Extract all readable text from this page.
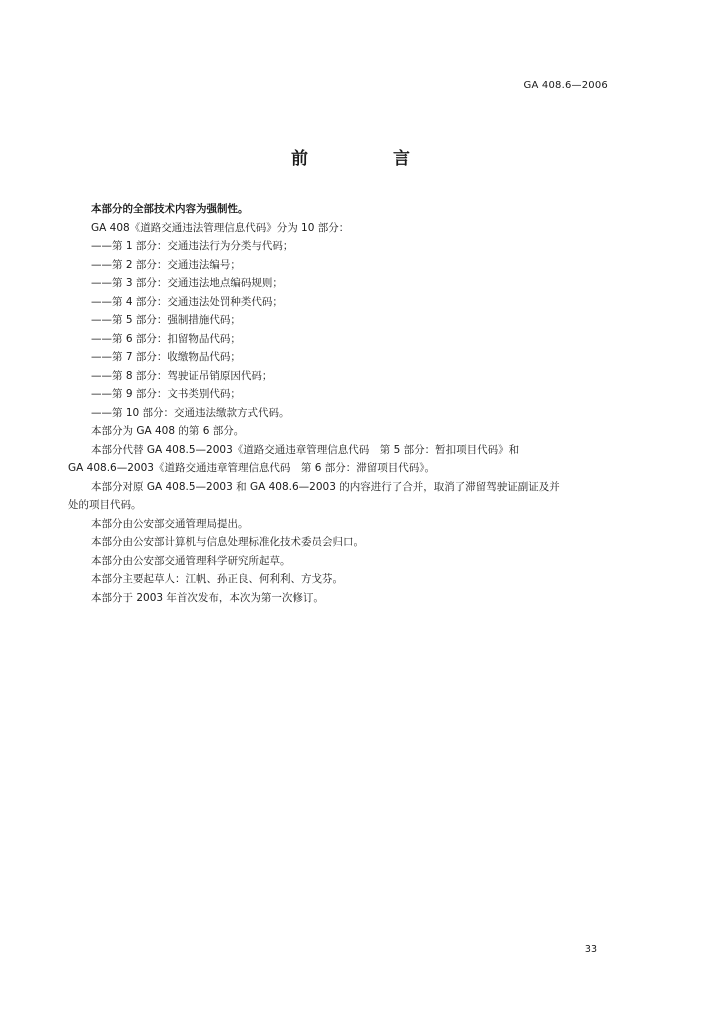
GA 408.6—2006
前　言
本部分的全部技术内容为强制性。
GA 408《道路交通违法管理信息代码》分为 10 部分：
——第 1 部分：交通违法行为分类与代码；
——第 2 部分：交通违法编号；
——第 3 部分：交通违法地点编码规则；
——第 4 部分：交通违法处罚种类代码；
——第 5 部分：强制措施代码；
——第 6 部分：扣留物品代码；
——第 7 部分：收缴物品代码；
——第 8 部分：驾驶证吊销原因代码；
——第 9 部分：文书类别代码；
——第 10 部分：交通违法缴款方式代码。
本部分为 GA 408 的第 6 部分。
本部分代替 GA 408.5—2003《道路交通违章管理信息代码　第 5 部分：暂扣项目代码》和
GA 408.6—2003《道路交通违章管理信息代码　第 6 部分：滞留项目代码》。
本部分对原 GA 408.5—2003 和 GA 408.6—2003 的内容进行了合并，取消了滞留驾驶证副证及并
处的项目代码。
本部分由公安部交通管理局提出。
本部分由公安部计算机与信息处理标准化技术委员会归口。
本部分由公安部交通管理科学研究所起草。
本部分主要起草人：江帆、孙正良、何利利、方戈芬。
本部分于 2003 年首次发布，本次为第一次修订。
33
